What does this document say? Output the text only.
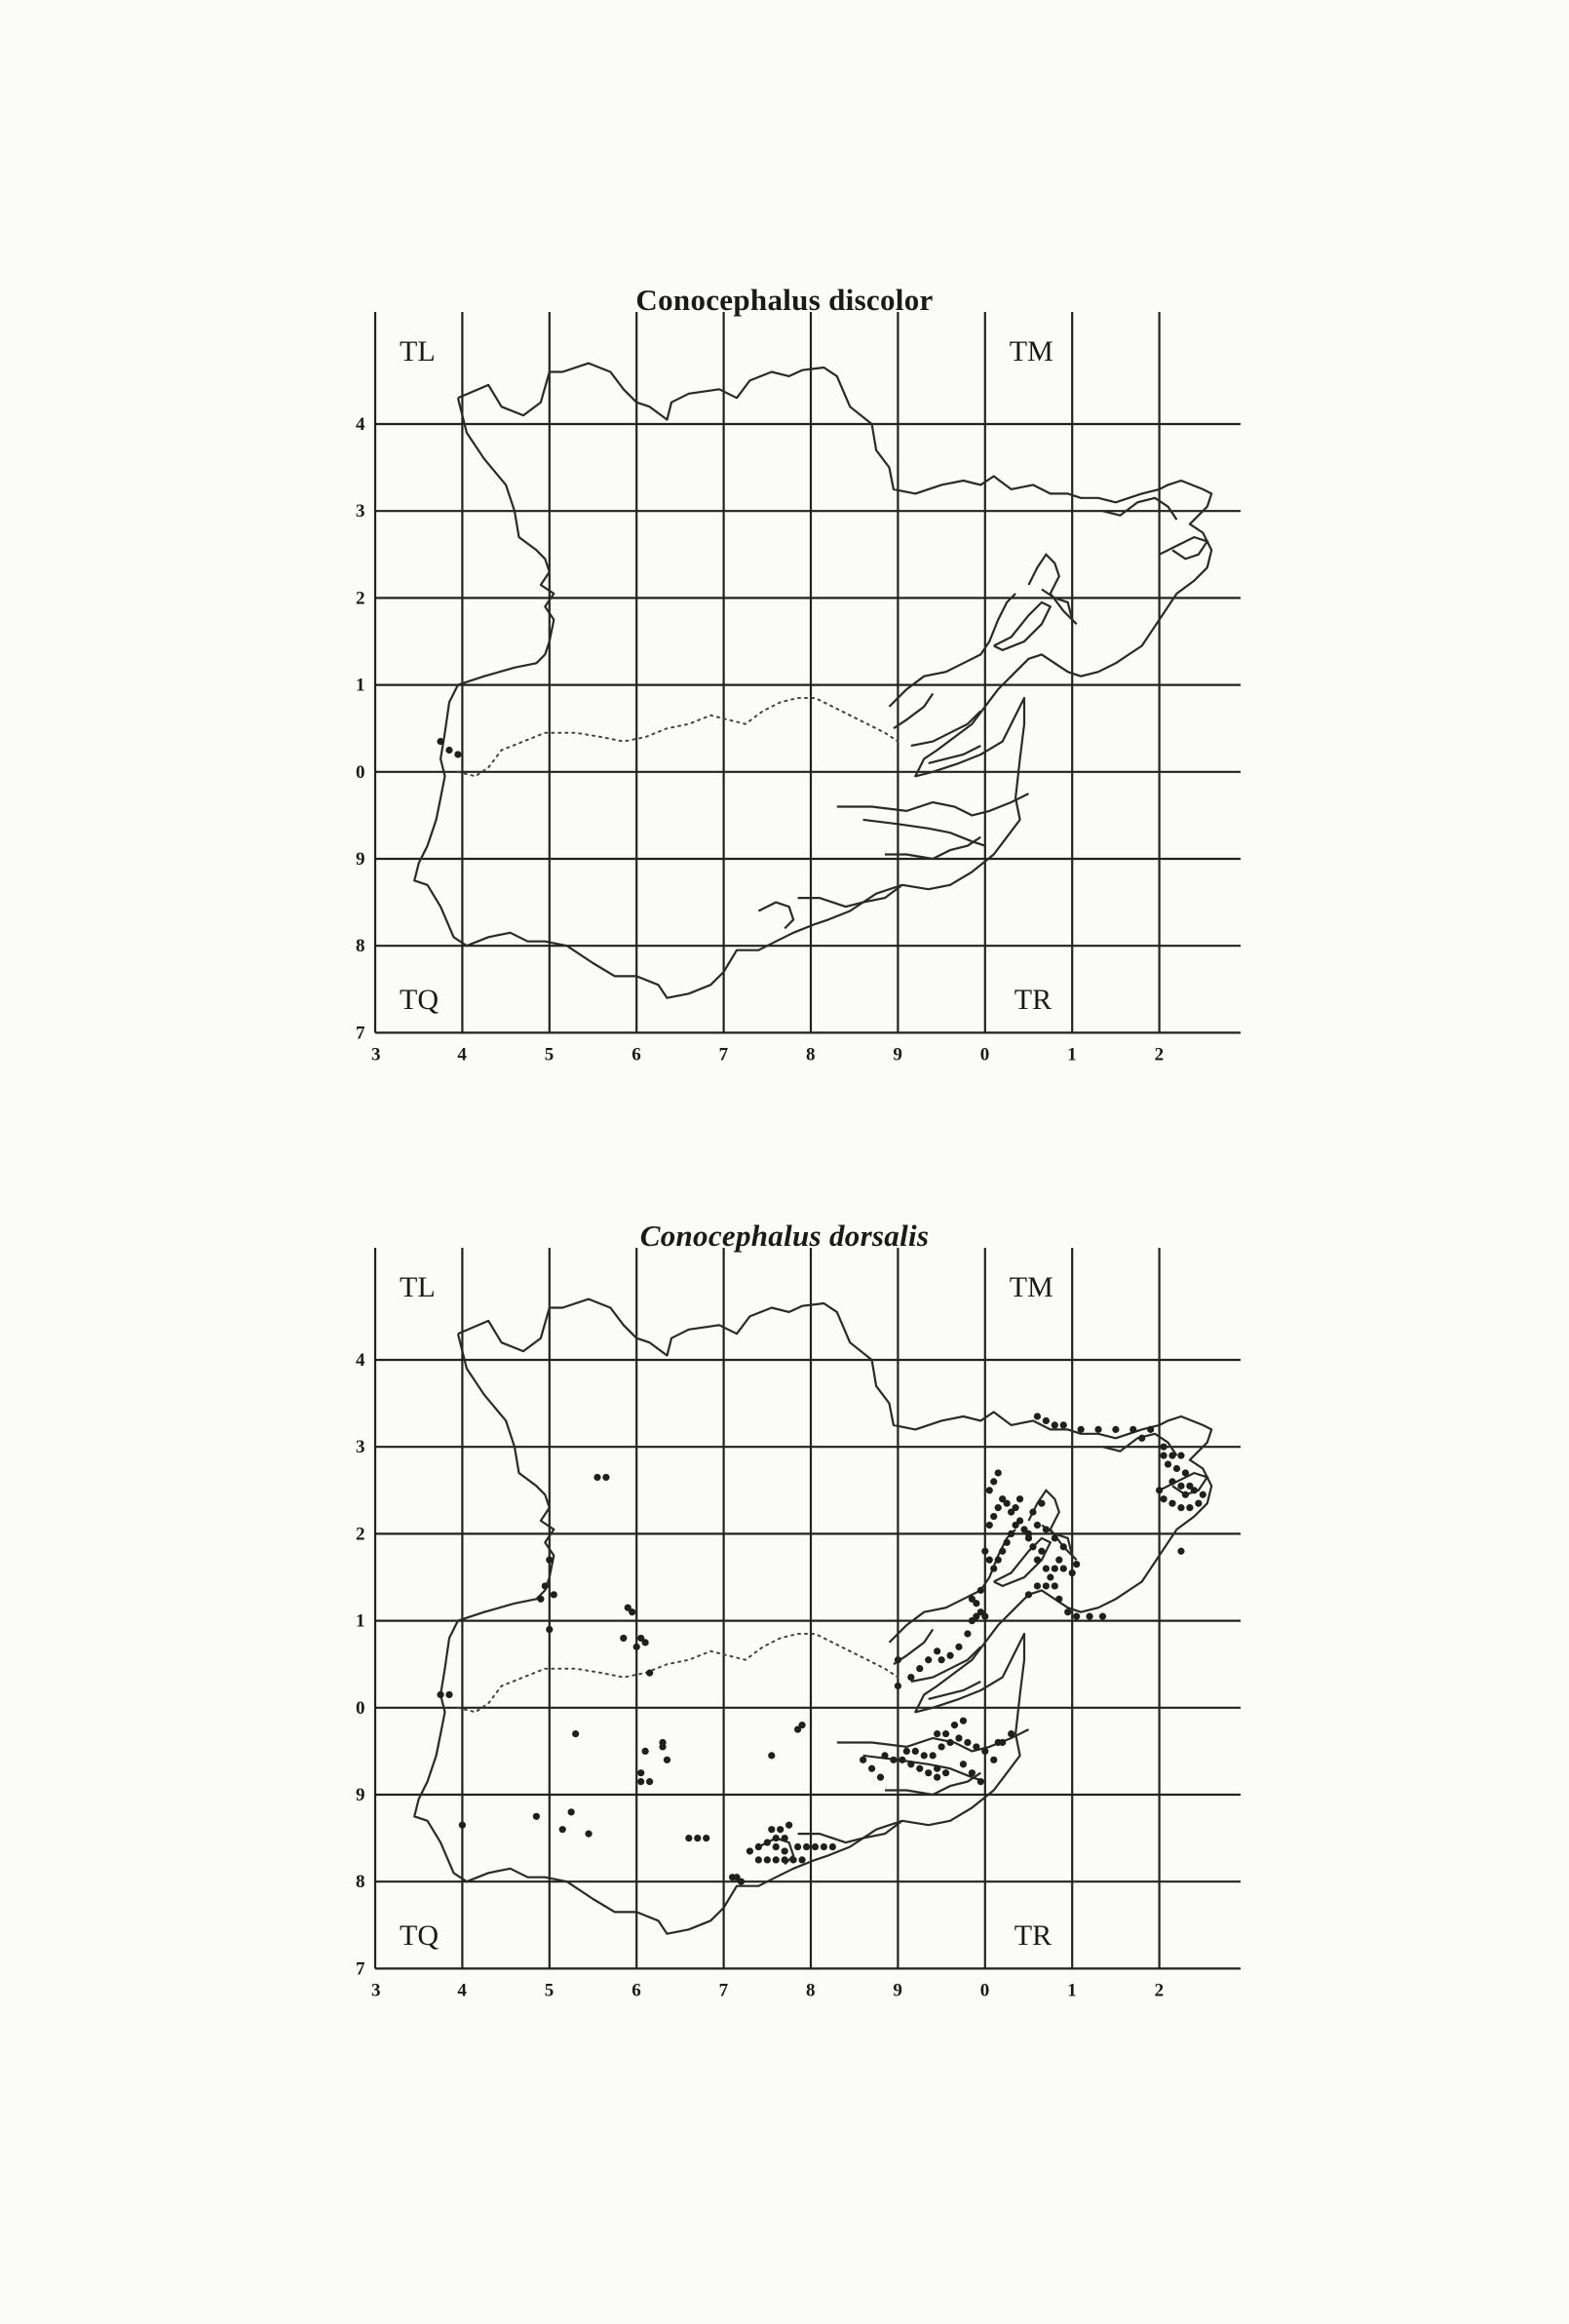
Conocephalus discolor
3	4	5	6	7	8	9	0	1	2
4
3
2
1
0
9
8
7
TL	TM
TQ	TR
Conocephalus dorsalis
3	4	5	6	7	8	9	0	1	2
4
3
2
1
0
9
8
7
TL	TM
TQ	TR
